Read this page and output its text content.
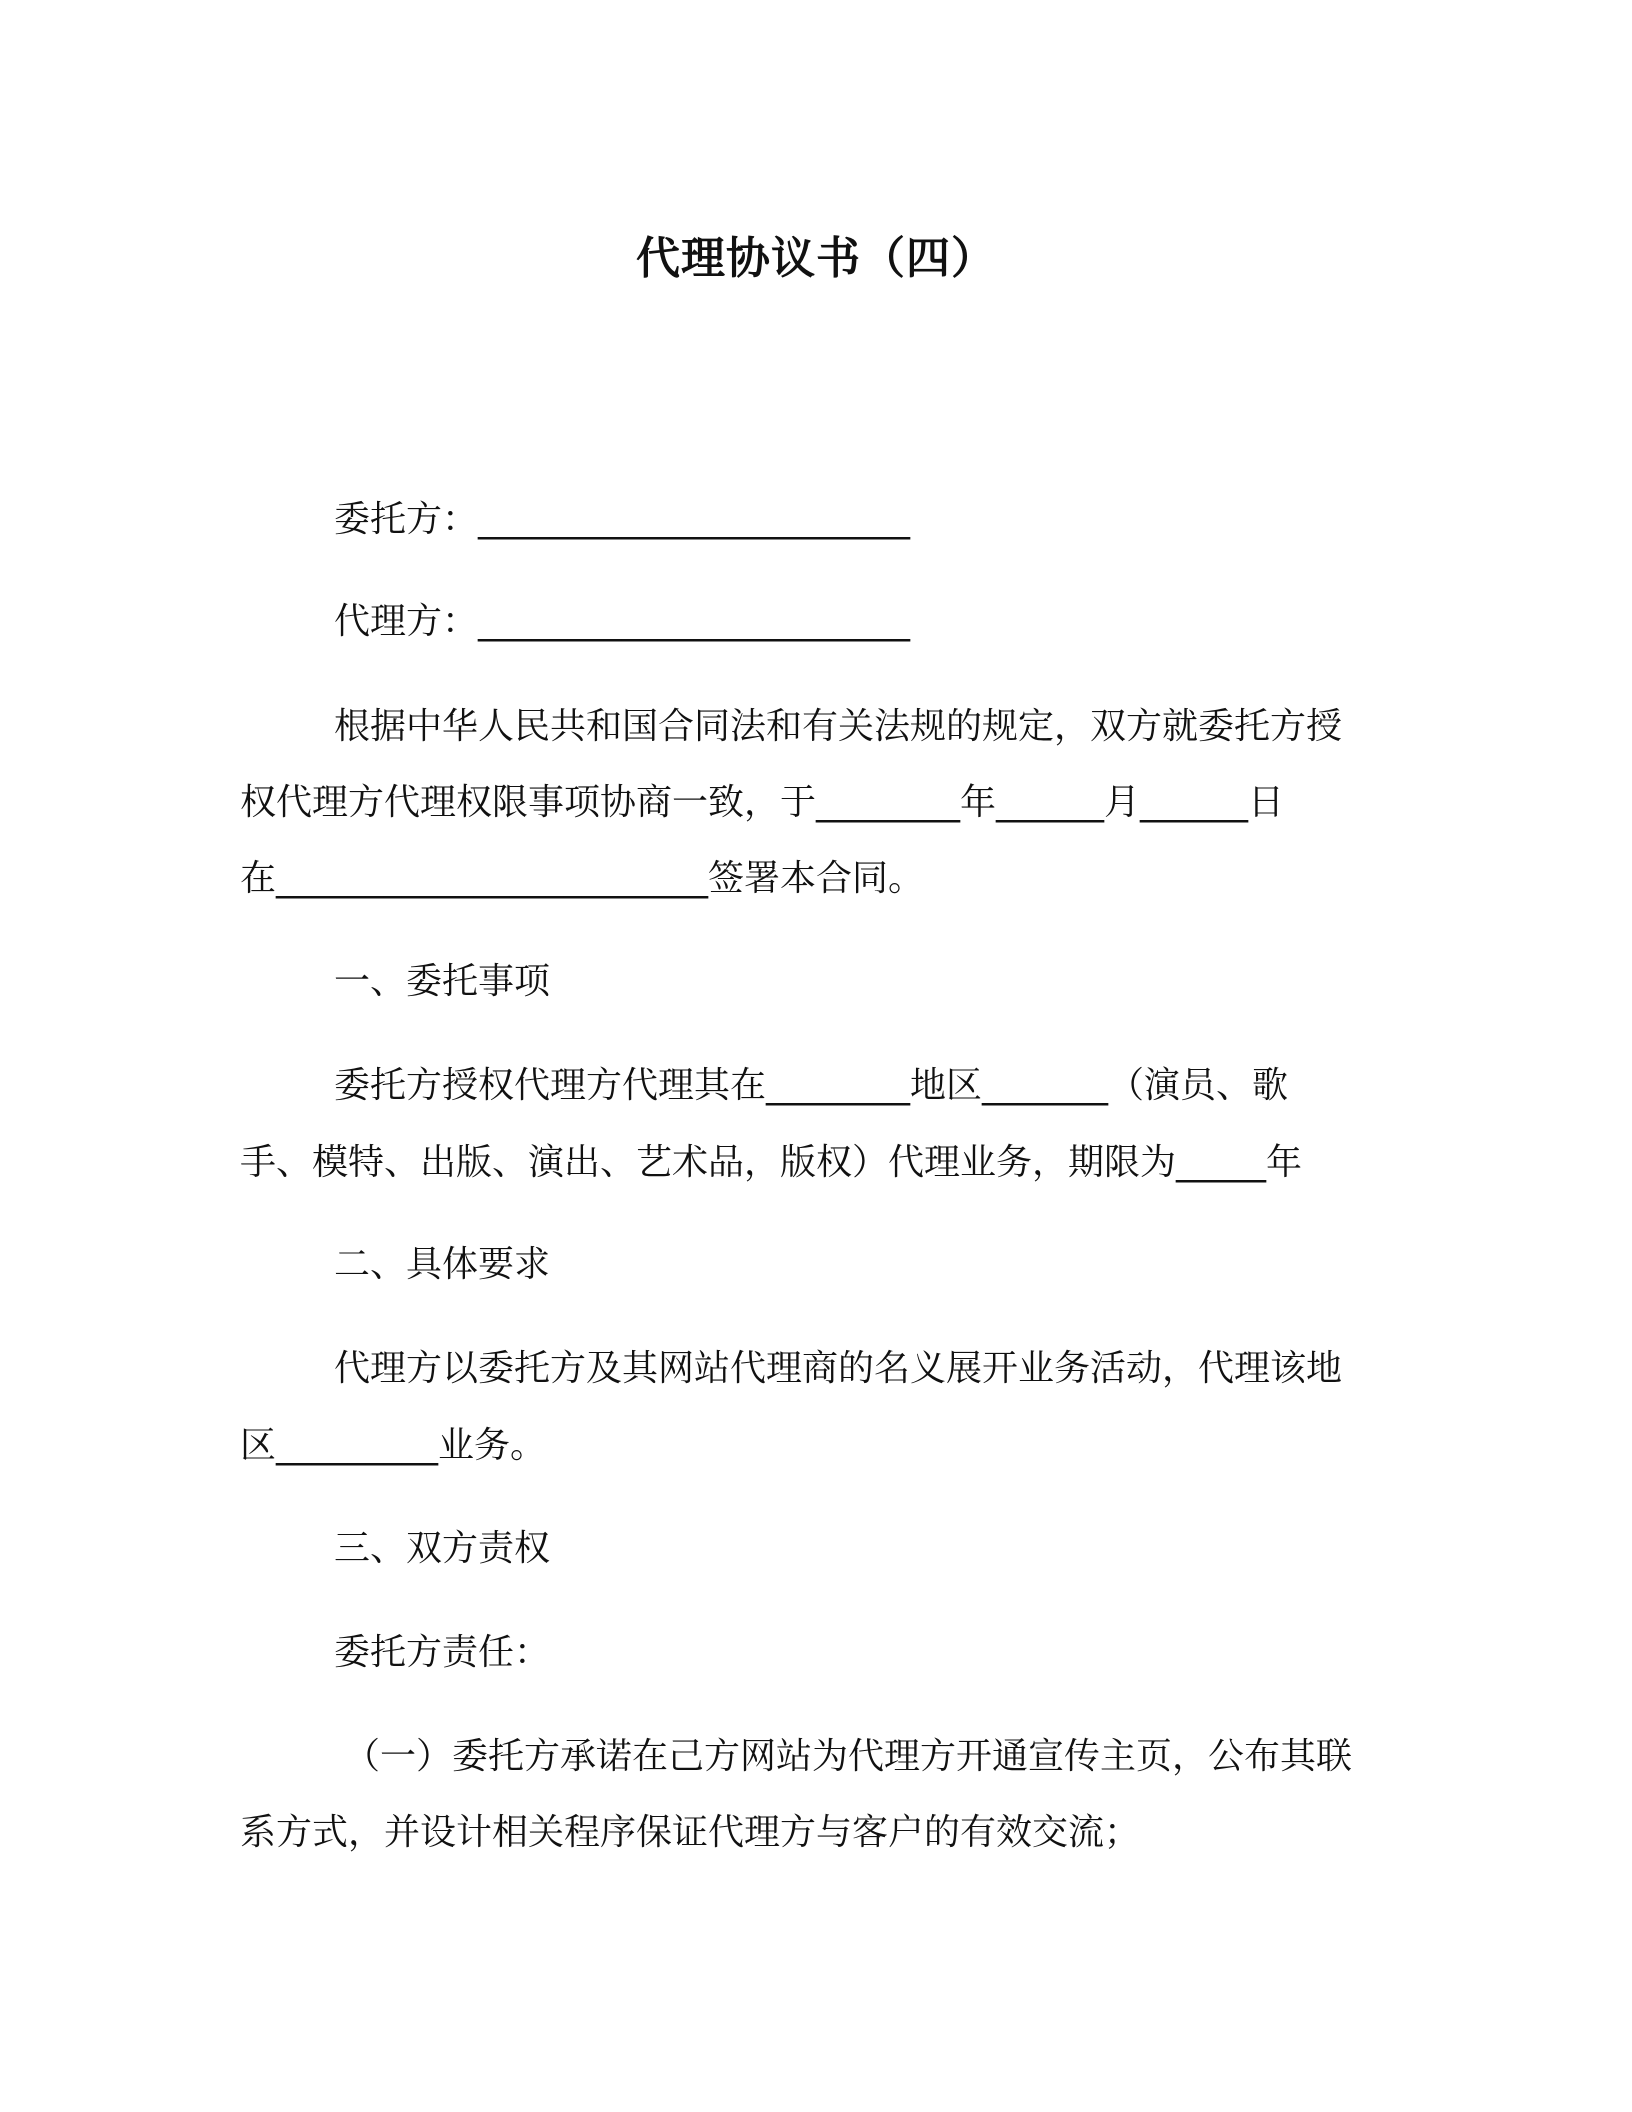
代理协议书（四）
委托方：________________________
代理方：________________________
根据中华人民共和国合同法和有关法规的规定，双方就委托方授
权代理方代理权限事项协商一致，于________年______月______日
在________________________签署本合同。
一、委托事项
委托方授权代理方代理其在________地区_______（演员、歌
手、模特、出版、演出、艺术品，版权）代理业务，期限为_____年
二、具体要求
代理方以委托方及其网站代理商的名义展开业务活动，代理该地
区_________业务。
三、双方责权
委托方责任：
（一）委托方承诺在己方网站为代理方开通宣传主页，公布其联
系方式，并设计相关程序保证代理方与客户的有效交流；
